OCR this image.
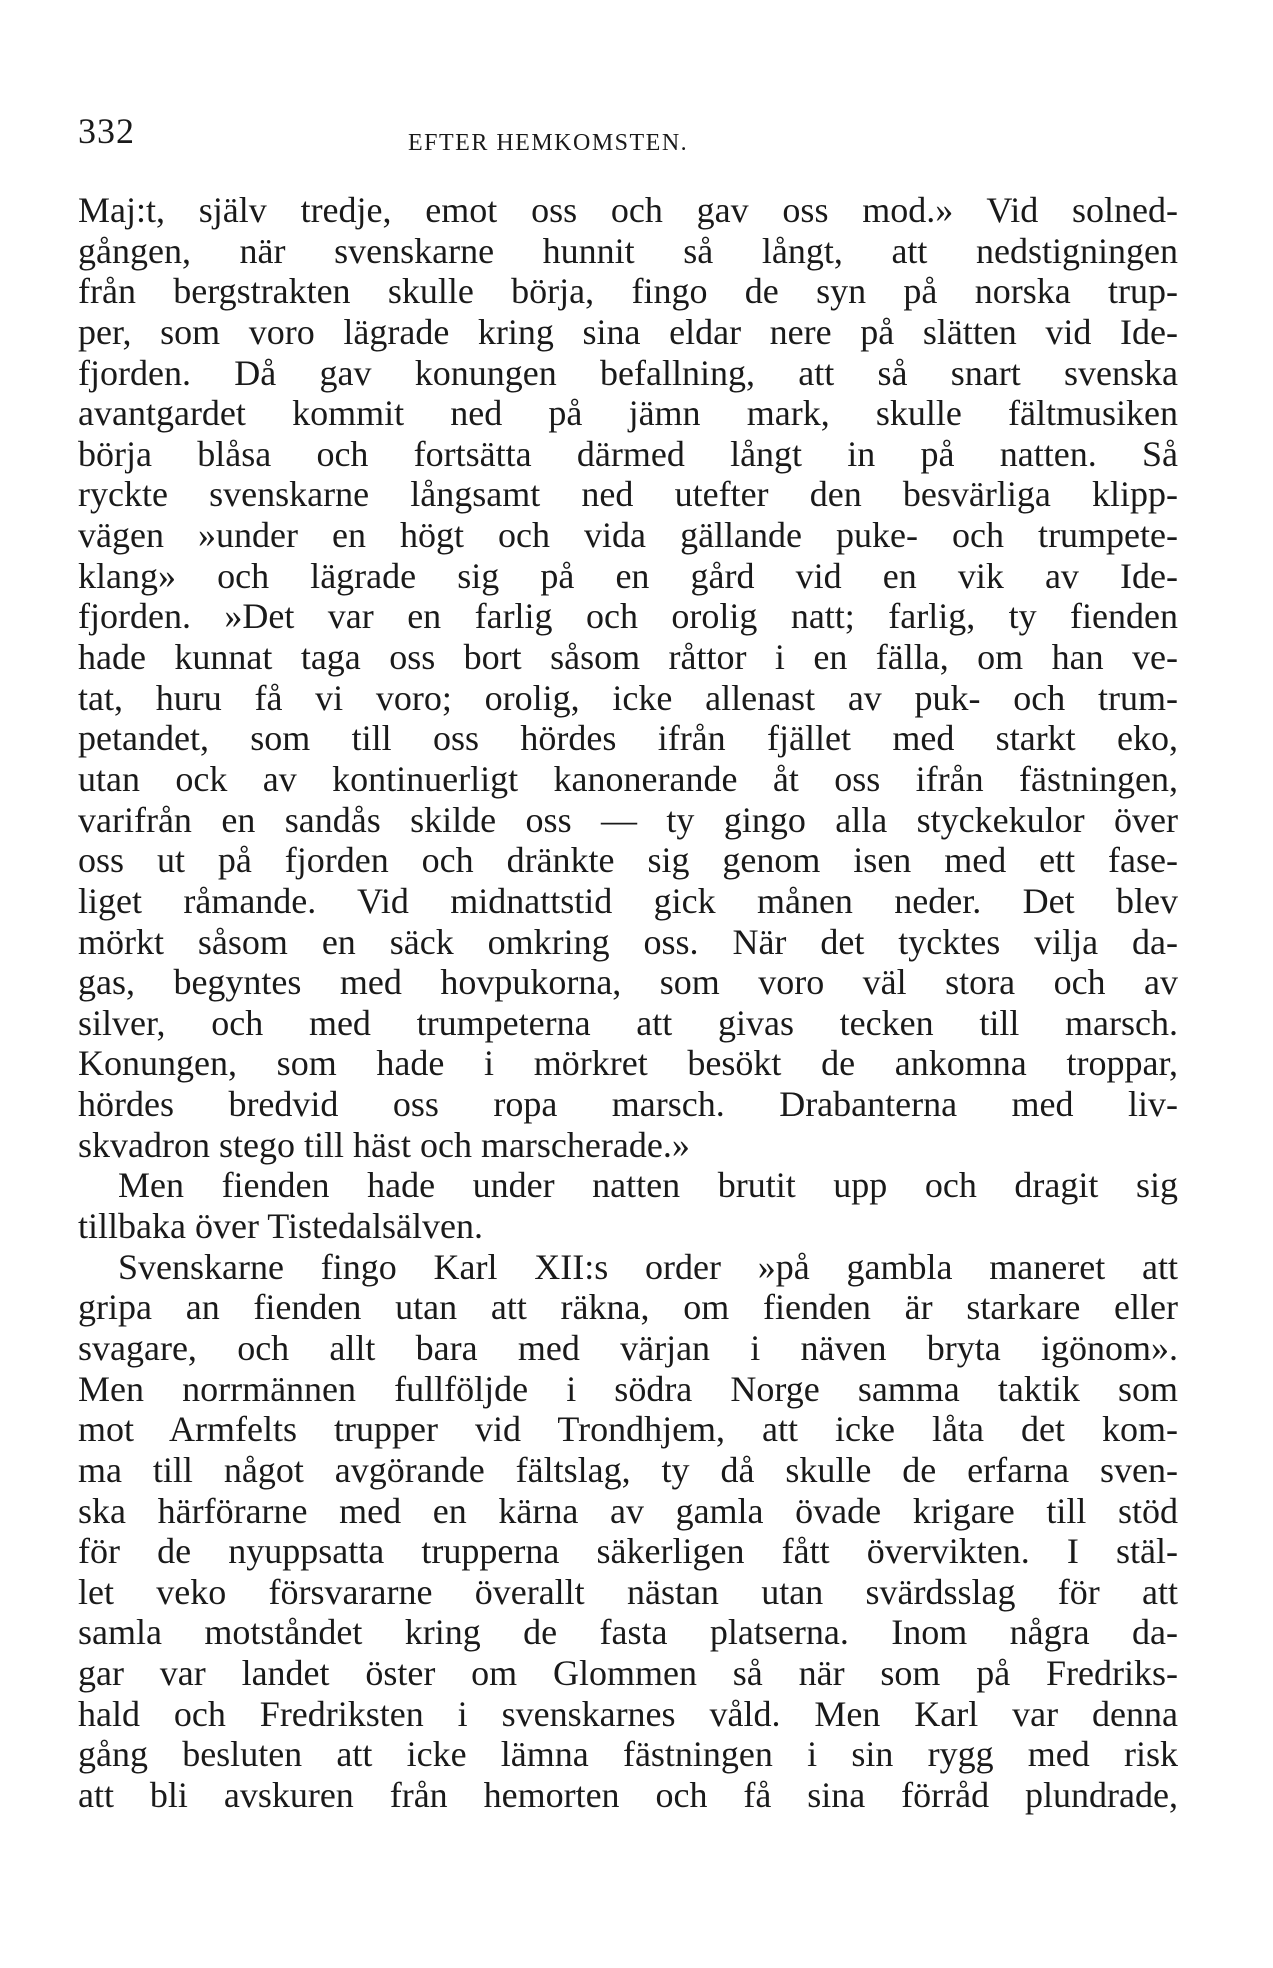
332	EFTER HEMKOMSTEN.
Maj:t, själv tredje, emot oss och gav oss mod.» Vid solned-
gången, när svenskarne hunnit så långt, att nedstigningen
från bergstrakten skulle börja, fingo de syn på norska trup-
per, som voro lägrade kring sina eldar nere på slätten vid Ide-
fjorden. Då gav konungen befallning, att så snart svenska
avantgardet kommit ned på jämn mark, skulle fältmusiken
börja blåsa och fortsätta därmed långt in på natten. Så
ryckte svenskarne långsamt ned utefter den besvärliga klipp-
vägen »under en högt och vida gällande puke- och trumpete-
klang» och lägrade sig på en gård vid en vik av Ide-
fjorden. »Det var en farlig och orolig natt; farlig, ty fienden
hade kunnat taga oss bort såsom råttor i en fälla, om han ve-
tat, huru få vi voro; orolig, icke allenast av puk- och trum-
petandet, som till oss hördes ifrån fjället med starkt eko,
utan ock av kontinuerligt kanonerande åt oss ifrån fästningen,
varifrån en sandås skilde oss — ty gingo alla styckekulor över
oss ut på fjorden och dränkte sig genom isen med ett fase-
liget råmande. Vid midnattstid gick månen neder. Det blev
mörkt såsom en säck omkring oss. När det tycktes vilja da-
gas, begyntes med hovpukorna, som voro väl stora och av
silver, och med trumpeterna att givas tecken till marsch.
Konungen, som hade i mörkret besökt de ankomna troppar,
hördes bredvid oss ropa marsch. Drabanterna med liv-
skvadron stego till häst och marscherade.»
Men fienden hade under natten brutit upp och dragit sig
tillbaka över Tistedalsälven.
Svenskarne fingo Karl XII:s order »på gambla maneret att
gripa an fienden utan att räkna, om fienden är starkare eller
svagare, och allt bara med värjan i näven bryta igönom».
Men norrmännen fullföljde i södra Norge samma taktik som
mot Armfelts trupper vid Trondhjem, att icke låta det kom-
ma till något avgörande fältslag, ty då skulle de erfarna sven-
ska härförarne med en kärna av gamla övade krigare till stöd
för de nyuppsatta trupperna säkerligen fått övervikten. I stäl-
let veko försvararne överallt nästan utan svärdsslag för att
samla motståndet kring de fasta platserna. Inom några da-
gar var landet öster om Glommen så när som på Fredriks-
hald och Fredriksten i svenskarnes våld. Men Karl var denna
gång besluten att icke lämna fästningen i sin rygg med risk
att bli avskuren från hemorten och få sina förråd plundrade,
